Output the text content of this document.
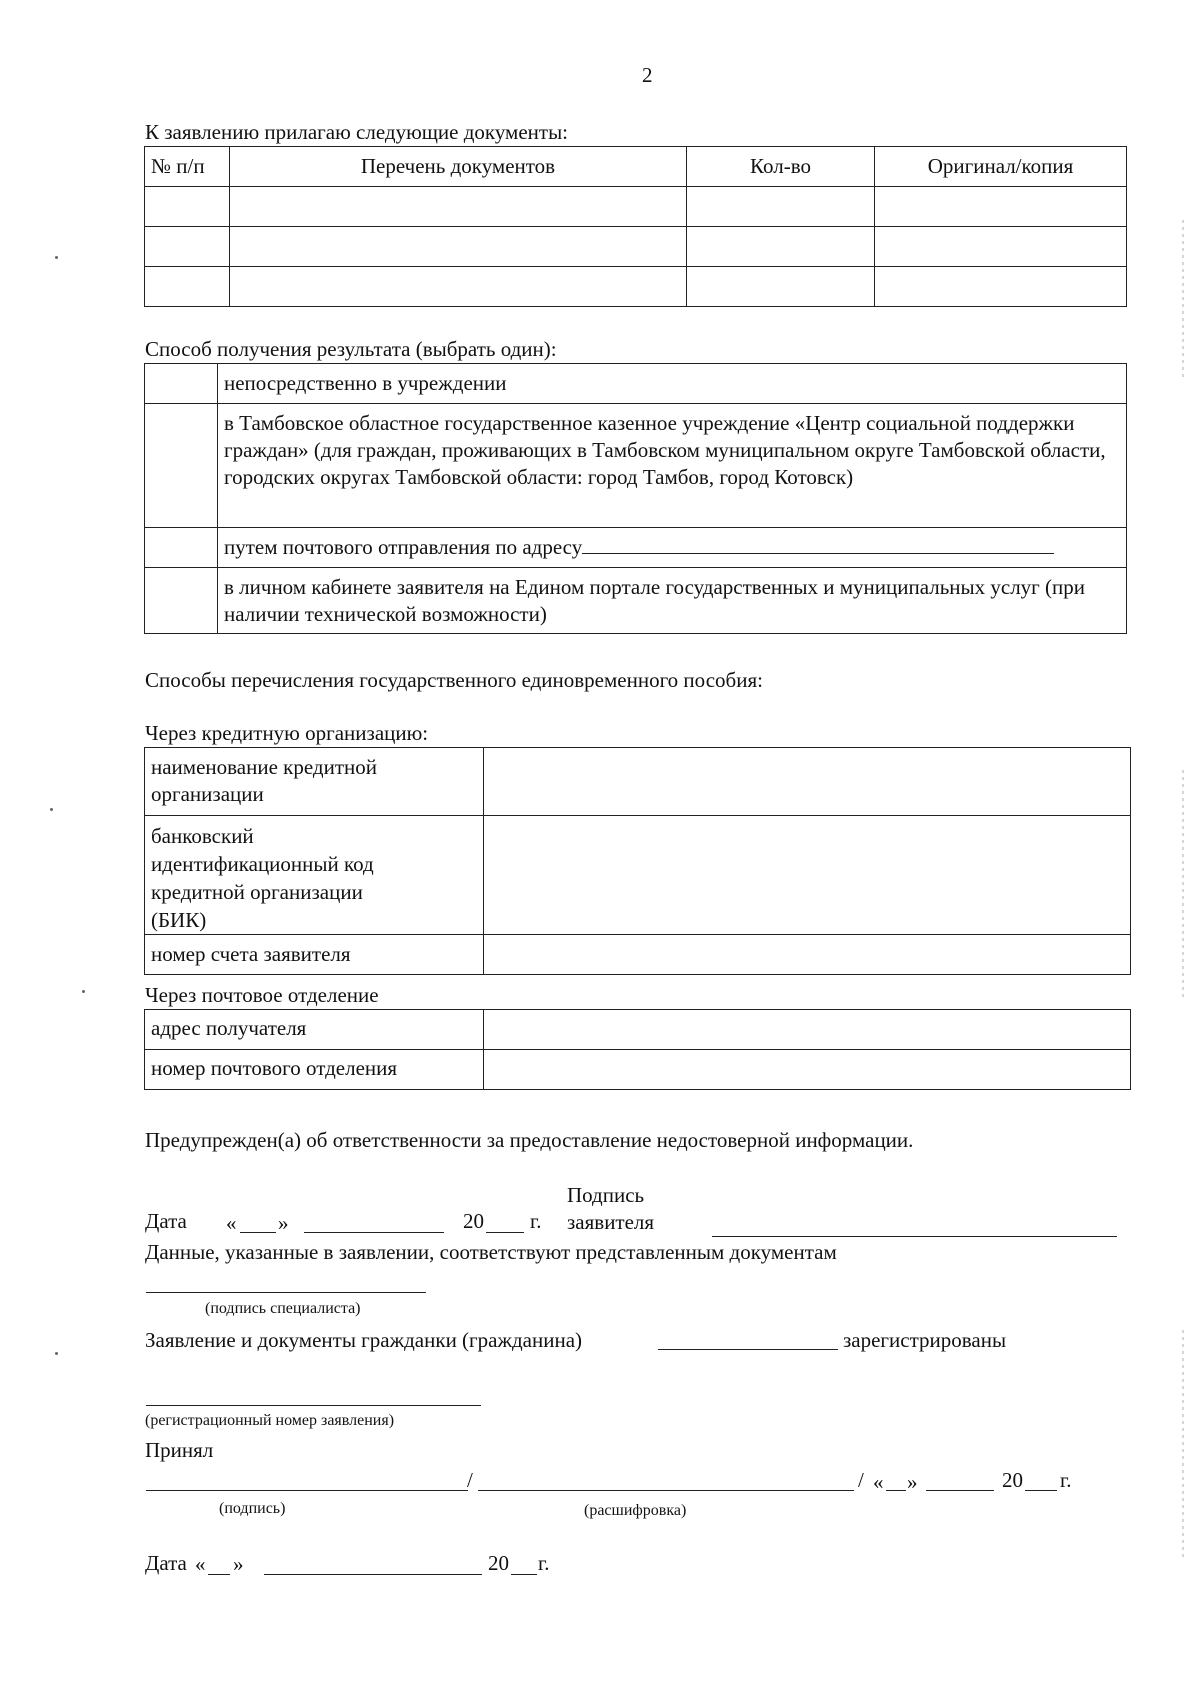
2
К заявлению прилагаю следующие документы:
№ п/п	Перечень документов	Кол-во	Оригинал/копия

Способ получения результата (выбрать один):
	непосредственно в учреждении
	в Тамбовское областное государственное казенное учреждение «Центр социальной поддержки граждан» (для граждан, проживающих в Тамбовском муниципальном округе Тамбовской области, городских округах Тамбовской области: город Тамбов, город Котовск)
	путем почтового отправления по адресу
	в личном кабинете заявителя на Едином портале государственных и муниципальных услуг (при наличии технической возможности)
Способы перечисления государственного единовременного пособия:
Через кредитную организацию:
наименование кредитной организации	
банковский идентификационный код кредитной организации (БИК)	
номер счета заявителя	
Через почтовое отделение
адрес получателя	
номер почтового отделения	
Предупрежден(а) об ответственности за предоставление недостоверной информации.
Подпись
Дата « »	20 г. заявителя
Данные, указанные в заявлении, соответствуют представленным документам
(подпись специалиста)
Заявление и документы гражданки (гражданина)	зарегистрированы
(регистрационный номер заявления)
Принял
/	/ « »	20 г.
(подпись)	(расшифровка)
Дата « »	20 г.
